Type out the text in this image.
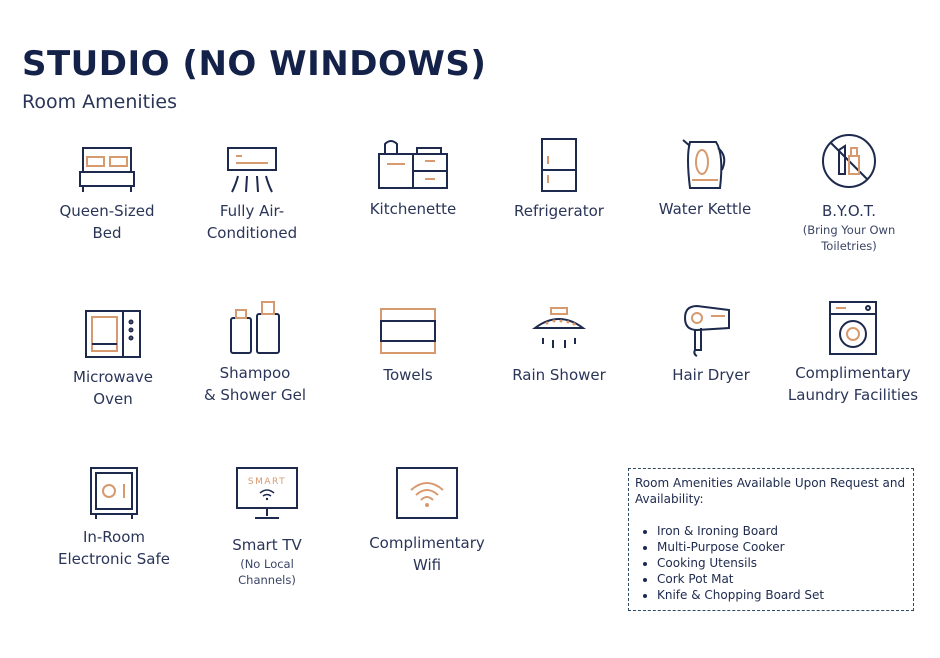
STUDIO (NO WINDOWS)

Room Amenities

Queen-Sized
Bed
Fully Air-
Conditioned
Kitchenette	Refrigerator	Water Kettle	B.Y.O.T.
(Bring Your Own
Toiletries)
Microwave
Oven
Shampoo
& Shower Gel
Towels	Rain Shower	Hair Dryer	Complimentary
Laundry Facilities
In-Room
Electronic Safe
SMART
Smart TV
(No Local
Channels)
Complimentary
Wifi

Room Amenities Available Upon Request and Availability:

• Iron & Ironing Board
• Multi-Purpose Cooker
• Cooking Utensils
• Cork Pot Mat
• Knife & Chopping Board Set
